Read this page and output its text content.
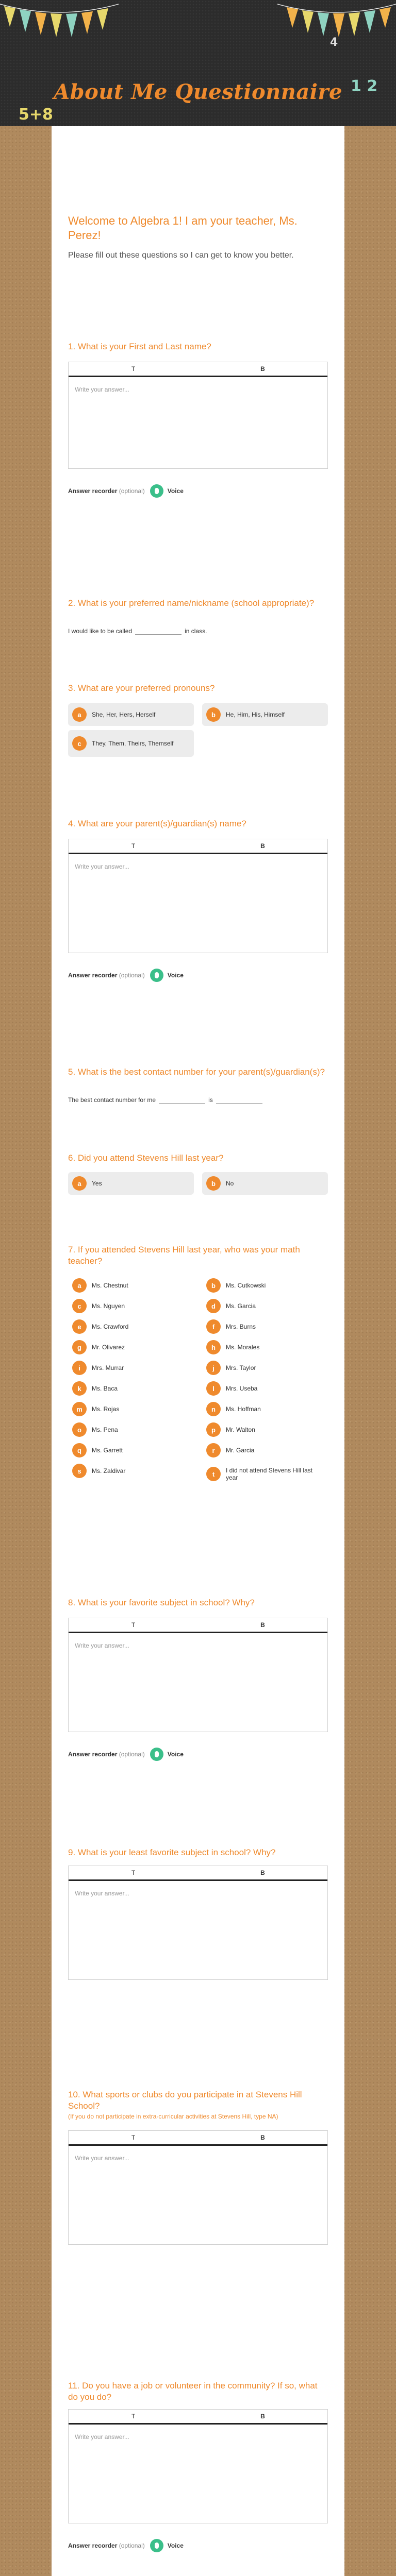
5+8
1 2
4
About Me Questionnaire

Welcome to Algebra 1! I am your teacher, Ms. Perez!

Please fill out these questions so I can get to know you better.

1. What is your First and Last name?

T	B
Write your answer...
Answer recorder
(optional)	Voice

2. What is your preferred name/nickname (school appropriate)?

I would like to be called	in class.

3. What are your preferred pronouns?

a	She, Her, Hers, Herself	b	He, Him, His, Himself
c	They, Them, Theirs, Themself

4. What are your parent(s)/guardian(s) name?

T	B
Write your answer...
Answer recorder
(optional)	Voice

5. What is the best contact number for your parent(s)/guardian(s)?

The best contact number for me	is

6. Did you attend Stevens Hill last year?

a	Yes	b	No

7. If you attended Stevens Hill last year, who was your math teacher?

a	Ms. Chestnut	b	Ms. Cutkowski
c	Ms. Nguyen	d	Ms. Garcia
e	Ms. Crawford	f	Mrs. Burns
g	Mr. Olivarez	h	Ms. Morales
i	Mrs. Murrar	j	Mrs. Taylor
k	Ms. Baca	l	Mrs. Useba
m	Ms. Rojas	n	Ms. Hoffman
o	Ms. Pena	p	Mr. Walton
q	Ms. Garrett	r	Mr. Garcia
s	Ms. Zaldivar	t	I did not attend Stevens Hill last year

8. What is your favorite subject in school? Why?

T	B
Write your answer...
Answer recorder
(optional)	Voice

9. What is your least favorite subject in school? Why?

T	B
Write your answer...

10. What sports or clubs do you participate in at Stevens Hill School?

(If you do not participate in extra-curricular activities at Stevens Hill, type NA)
T	B
Write your answer...

11. Do you have a job or volunteer in the community? If so, what do you do?

T	B
Write your answer...
Answer recorder
(optional)	Voice
